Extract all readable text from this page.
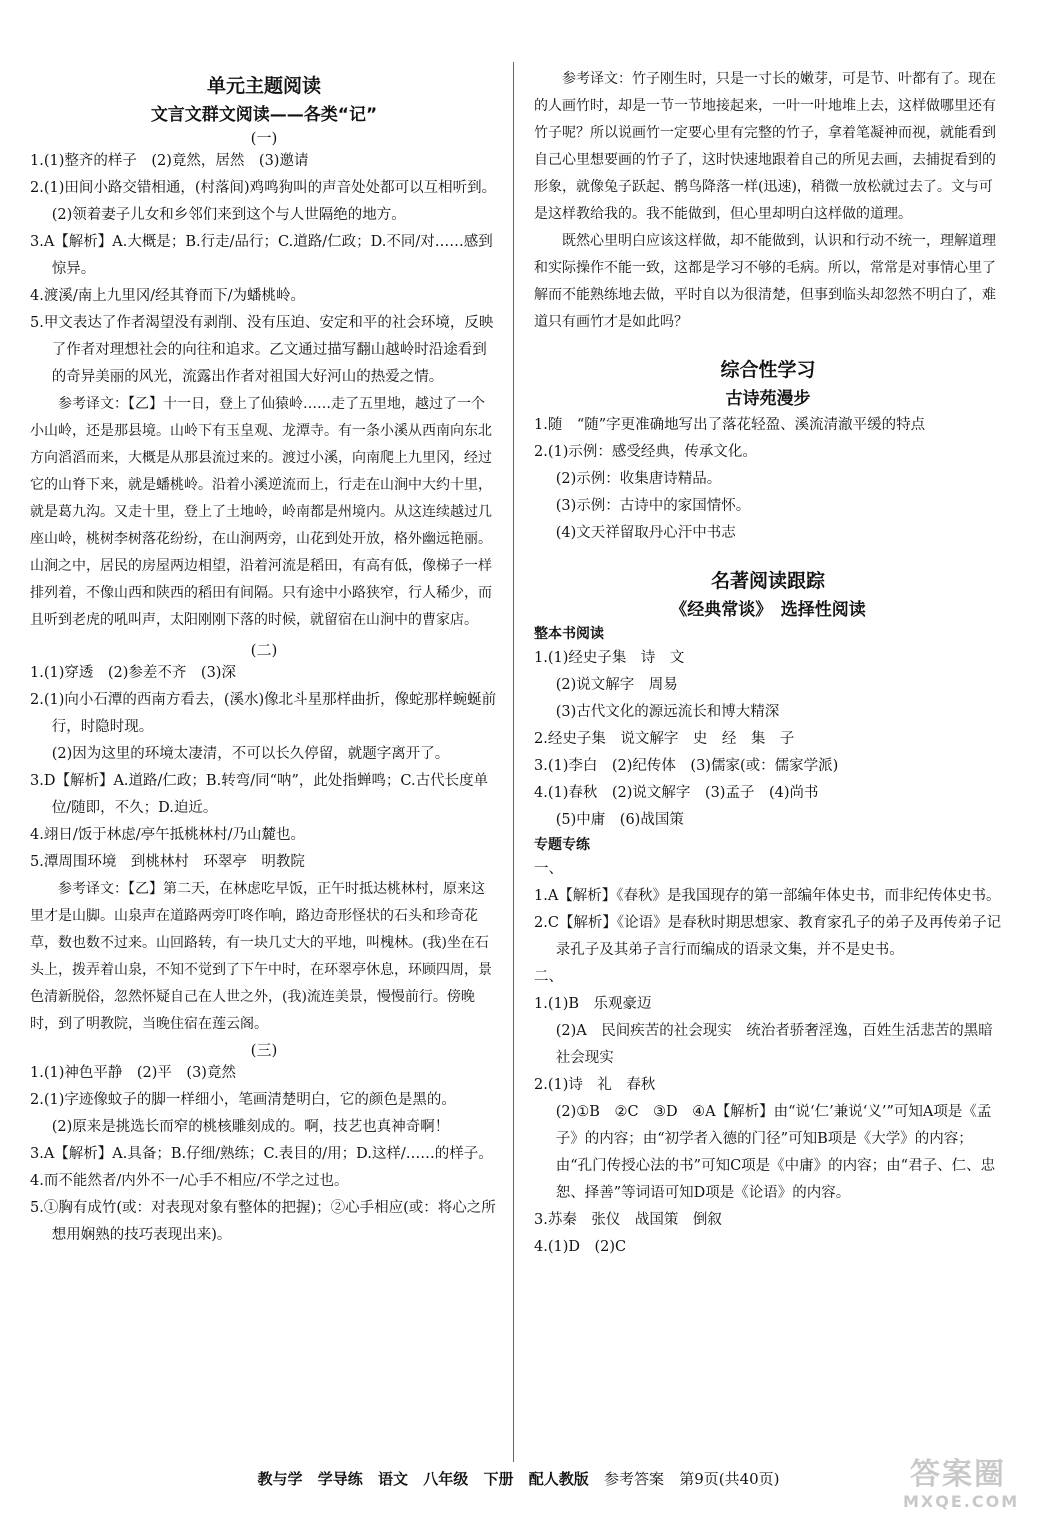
单元主题阅读
文言文群文阅读——各类“记”
(一)
1.(1)整齐的样子　(2)竟然，居然　(3)邀请
2.(1)田间小路交错相通，(村落间)鸡鸣狗叫的声音处处都可以互相听到。
(2)领着妻子儿女和乡邻们来到这个与人世隔绝的地方。
3.A【解析】A.大概是；B.行走/品行；C.道路/仁政；D.不同/对……感到惊异。
4.渡溪/南上九里冈/经其脊而下/为蟠桃岭。
5.甲文表达了作者渴望没有剥削、没有压迫、安定和平的社会环境，反映了作者对理想社会的向往和追求。乙文通过描写翻山越岭时沿途看到的奇异美丽的风光，流露出作者对祖国大好河山的热爱之情。
参考译文：【乙】十一日，登上了仙猿岭……走了五里地，越过了一个小山岭，还是那县境。山岭下有玉皇观、龙潭寺。有一条小溪从西南向东北方向滔滔而来，大概是从那县流过来的。渡过小溪，向南爬上九里冈，经过它的山脊下来，就是蟠桃岭。沿着小溪逆流而上，行走在山涧中大约十里，就是葛九沟。又走十里，登上了土地岭，岭南都是州境内。从这连续越过几座山岭，桃树李树落花纷纷，在山涧两旁，山花到处开放，格外幽远艳丽。山涧之中，居民的房屋两边相望，沿着河流是稻田，有高有低，像梯子一样排列着，不像山西和陕西的稻田有间隔。只有途中小路狭窄，行人稀少，而且听到老虎的吼叫声，太阳刚刚下落的时候，就留宿在山涧中的曹家店。
(二)
1.(1)穿透　(2)参差不齐　(3)深
2.(1)向小石潭的西南方看去，(溪水)像北斗星那样曲折，像蛇那样蜿蜒前行，时隐时现。
(2)因为这里的环境太凄清，不可以长久停留，就题字离开了。
3.D【解析】A.道路/仁政；B.转弯/同“呐”，此处指蝉鸣；C.古代长度单位/随即，不久；D.迫近。
4.翊日/饭于林虑/亭午抵桃林村/乃山麓也。
5.潭周围环境　到桃林村　环翠亭　明教院
参考译文：【乙】第二天，在林虑吃早饭，正午时抵达桃林村，原来这里才是山脚。山泉声在道路两旁叮咚作响，路边奇形怪状的石头和珍奇花草，数也数不过来。山回路转，有一块几丈大的平地，叫槐林。(我)坐在石头上，拨弄着山泉，不知不觉到了下午中时，在环翠亭休息，环顾四周，景色清新脱俗，忽然怀疑自己在人世之外，(我)流连美景，慢慢前行。傍晚时，到了明教院，当晚住宿在莲云阁。
(三)
1.(1)神色平静　(2)平　(3)竟然
2.(1)字迹像蚊子的脚一样细小，笔画清楚明白，它的颜色是黑的。
(2)原来是挑选长而窄的桃核雕刻成的。啊，技艺也真神奇啊！
3.A【解析】A.具备；B.仔细/熟练；C.表目的/用；D.这样/……的样子。
4.而不能然者/内外不一/心手不相应/不学之过也。
5.①胸有成竹(或：对表现对象有整体的把握)；②心手相应(或：将心之所想用娴熟的技巧表现出来)。
参考译文：竹子刚生时，只是一寸长的嫩芽，可是节、叶都有了。现在的人画竹时，却是一节一节地接起来，一叶一叶地堆上去，这样做哪里还有竹子呢？所以说画竹一定要心里有完整的竹子，拿着笔凝神而视，就能看到自己心里想要画的竹子了，这时快速地跟着自己的所见去画，去捕捉看到的形象，就像兔子跃起、鹘鸟降落一样(迅速)，稍微一放松就过去了。文与可是这样教给我的。我不能做到，但心里却明白这样做的道理。
既然心里明白应该这样做，却不能做到，认识和行动不统一，理解道理和实际操作不能一致，这都是学习不够的毛病。所以，常常是对事情心里了解而不能熟练地去做，平时自以为很清楚，但事到临头却忽然不明白了，难道只有画竹才是如此吗？
综合性学习
古诗苑漫步
1.随　“随”字更准确地写出了落花轻盈、溪流清澈平缓的特点
2.(1)示例：感受经典，传承文化。
(2)示例：收集唐诗精品。
(3)示例：古诗中的家国情怀。
(4)文天祥留取丹心汗中书志
名著阅读跟踪
《经典常谈》　选择性阅读
整本书阅读
1.(1)经史子集　诗　文
(2)说文解字　周易
(3)古代文化的源远流长和博大精深
2.经史子集　说文解字　史　经　集　子
3.(1)李白　(2)纪传体　(3)儒家(或：儒家学派)
4.(1)春秋　(2)说文解字　(3)孟子　(4)尚书
(5)中庸　(6)战国策
专题专练
一、
1.A【解析】《春秋》是我国现存的第一部编年体史书，而非纪传体史书。
2.C【解析】《论语》是春秋时期思想家、教育家孔子的弟子及再传弟子记录孔子及其弟子言行而编成的语录文集，并不是史书。
二、
1.(1)B　乐观豪迈
(2)A　民间疾苦的社会现实　统治者骄奢淫逸，百姓生活悲苦的黑暗社会现实
2.(1)诗　礼　春秋
(2)①B　②C　③D　④A【解析】由“说‘仁’兼说‘义’”可知A项是《孟子》的内容；由“初学者入德的门径”可知B项是《大学》的内容；由“孔门传授心法的书”可知C项是《中庸》的内容；由“君子、仁、忠恕、择善”等词语可知D项是《论语》的内容。
3.苏秦　张仪　战国策　倒叙
4.(1)D　(2)C
教与学 学导练 语文 八年级 下册 配人教版 参考答案 第9页(共40页)	答案圈
MXQE.COM
